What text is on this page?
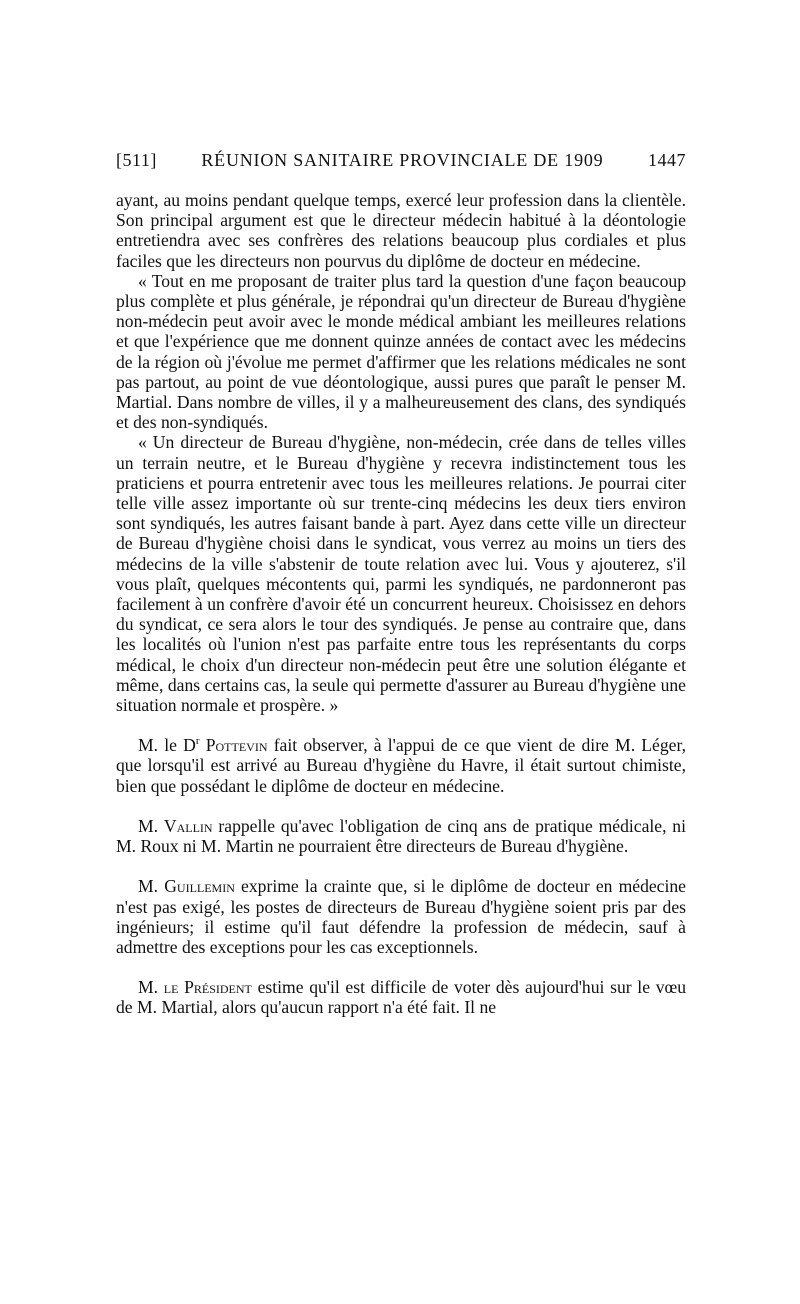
[511] RÉUNION SANITAIRE PROVINCIALE DE 1909 1447

ayant, au moins pendant quelque temps, exercé leur profession dans la clientèle. Son principal argument est que le directeur médecin habitué à la déontologie entretiendra avec ses confrères des relations beaucoup plus cordiales et plus faciles que les directeurs non pourvus du diplôme de docteur en médecine.

« Tout en me proposant de traiter plus tard la question d'une façon beaucoup plus complète et plus générale, je répondrai qu'un directeur de Bureau d'hygiène non-médecin peut avoir avec le monde médical ambiant les meilleures relations et que l'expérience que me donnent quinze années de contact avec les médecins de la région où j'évolue me permet d'affirmer que les relations médicales ne sont pas partout, au point de vue déontologique, aussi pures que paraît le penser M. Martial. Dans nombre de villes, il y a malheureusement des clans, des syndiqués et des non-syndiqués.

« Un directeur de Bureau d'hygiène, non-médecin, crée dans de telles villes un terrain neutre, et le Bureau d'hygiène y recevra indistinctement tous les praticiens et pourra entretenir avec tous les meilleures relations. Je pourrai citer telle ville assez importante où sur trente-cinq médecins les deux tiers environ sont syndiqués, les autres faisant bande à part. Ayez dans cette ville un directeur de Bureau d'hygiène choisi dans le syndicat, vous verrez au moins un tiers des médecins de la ville s'abstenir de toute relation avec lui. Vous y ajouterez, s'il vous plaît, quelques mécontents qui, parmi les syndiqués, ne pardonneront pas facilement à un confrère d'avoir été un concurrent heureux. Choisissez en dehors du syndicat, ce sera alors le tour des syndiqués. Je pense au contraire que, dans les localités où l'union n'est pas parfaite entre tous les représentants du corps médical, le choix d'un directeur non-médecin peut être une solution élégante et même, dans certains cas, la seule qui permette d'assurer au Bureau d'hygiène une situation normale et prospère. »

M. le $D^r$ Pottevin fait observer, à l'appui de ce que vient de dire M. Léger, que lorsqu'il est arrivé au Bureau d'hygiène du Havre, il était surtout chimiste, bien que possédant le diplôme de docteur en médecine.

M. Vallin rappelle qu'avec l'obligation de cinq ans de pratique médicale, ni M. Roux ni M. Martin ne pourraient être directeurs de Bureau d'hygiène.

M. Guillemin exprime la crainte que, si le diplôme de docteur en médecine n'est pas exigé, les postes de directeurs de Bureau d'hygiène soient pris par des ingénieurs; il estime qu'il faut défendre la profession de médecin, sauf à admettre des exceptions pour les cas exceptionnels.

M. le Président estime qu'il est difficile de voter dès aujourd'hui sur le vœu de M. Martial, alors qu'aucun rapport n'a été fait. Il ne
